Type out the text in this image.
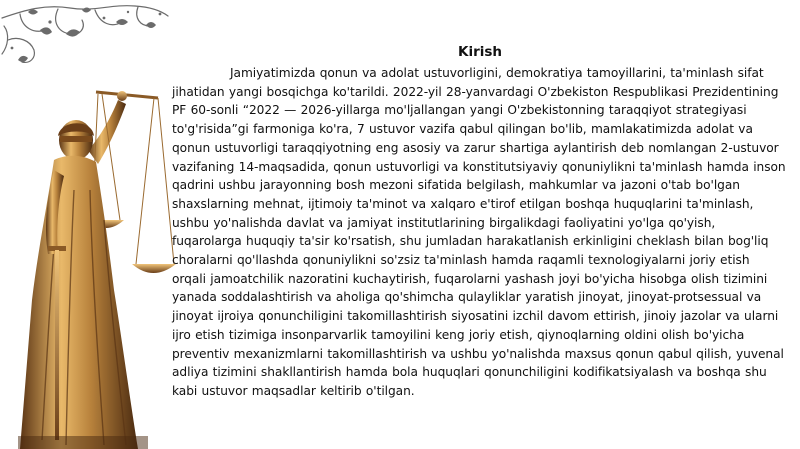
Kirish

Jamiyatimizda qonun va adolat ustuvorligini, demokratiya tamoyillarini, ta'minlash sifat jihatidan yangi bosqichga ko'tarildi. 2022-yil 28-yanvardagi O'zbekiston Respublikasi Prezidentining PF 60-sonli “2022 — 2026-yillarga mo'ljallangan yangi O'zbekistonning taraqqiyot strategiyasi to'g'risida”gi farmoniga ko'ra, 7 ustuvor vazifa qabul qilingan bo'lib, mamlakatimizda adolat va qonun ustuvorligi taraqqiyotning eng asosiy va zarur shartiga aylantirish deb nomlangan 2-ustuvor vazifaning 14-maqsadida, qonun ustuvorligi va konstitutsiyaviy qonuniylikni ta'minlash hamda inson qadrini ushbu jarayonning bosh mezoni sifatida belgilash, mahkumlar va jazoni o'tab bo'lgan shaxslarning mehnat, ijtimoiy ta'minot va xalqaro e'tirof etilgan boshqa huquqlarini ta'minlash, ushbu yo'nalishda davlat va jamiyat institutlarining birgalikdagi faoliyatini yo'lga qo'yish, fuqarolarga huquqiy ta'sir ko'rsatish, shu jumladan harakatlanish erkinligini cheklash bilan bog'liq choralarni qo'llashda qonuniylikni so'zsiz ta'minlash hamda raqamli texnologiyalarni joriy etish orqali jamoatchilik nazoratini kuchaytirish, fuqarolarni yashash joyi bo'yicha hisobga olish tizimini yanada soddalashtirish va aholiga qo'shimcha qulayliklar yaratish jinoyat, jinoyat-protsessual va jinoyat ijroiya qonunchiligini takomillashtirish siyosatini izchil davom ettirish, jinoiy jazolar va ularni ijro etish tizimiga insonparvarlik tamoyilini keng joriy etish, qiynoqlarning oldini olish bo'yicha preventiv mexanizmlarni takomillashtirish va ushbu yo'nalishda maxsus qonun qabul qilish, yuvenal adliya tizimini shakllantirish hamda bola huquqlari qonunchiligini kodifikatsiyalash va boshqa shu kabi ustuvor maqsadlar keltirib o'tilgan.
